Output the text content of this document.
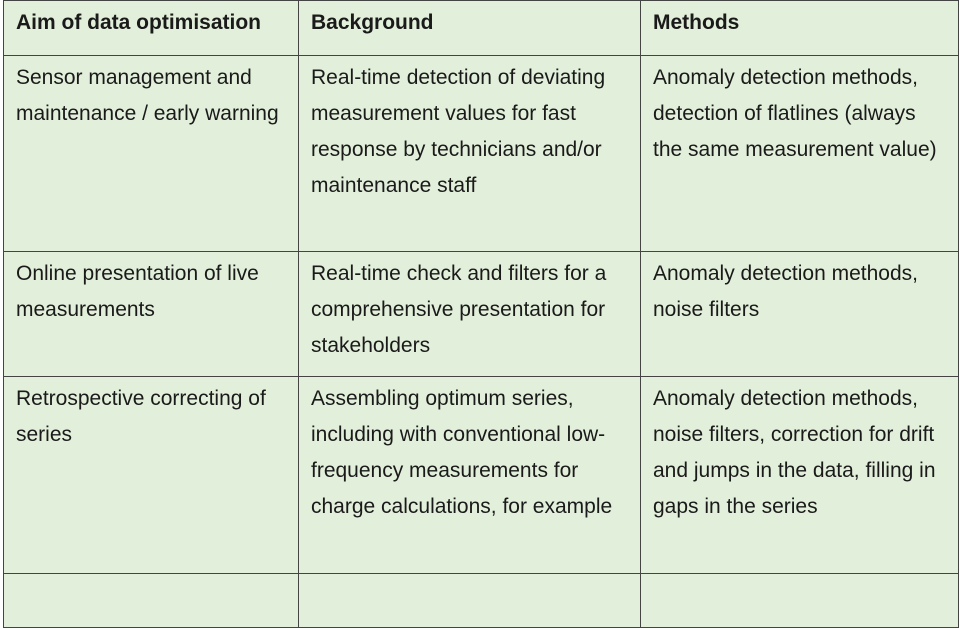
Aim of data optimisation	Background	Methods
Sensor management and maintenance / early warning	Real-time detection of deviating measurement values for fast response by technicians and/or maintenance staff	Anomaly detection methods, detection of flatlines (always the same measurement value)
Online presentation of live measurements	Real-time check and filters for a comprehensive presentation for stakeholders	Anomaly detection methods, noise filters
Retrospective correcting of series	Assembling optimum series, including with conventional low-frequency measurements for charge calculations, for example	Anomaly detection methods, noise filters, correction for drift and jumps in the data, filling in gaps in the series
